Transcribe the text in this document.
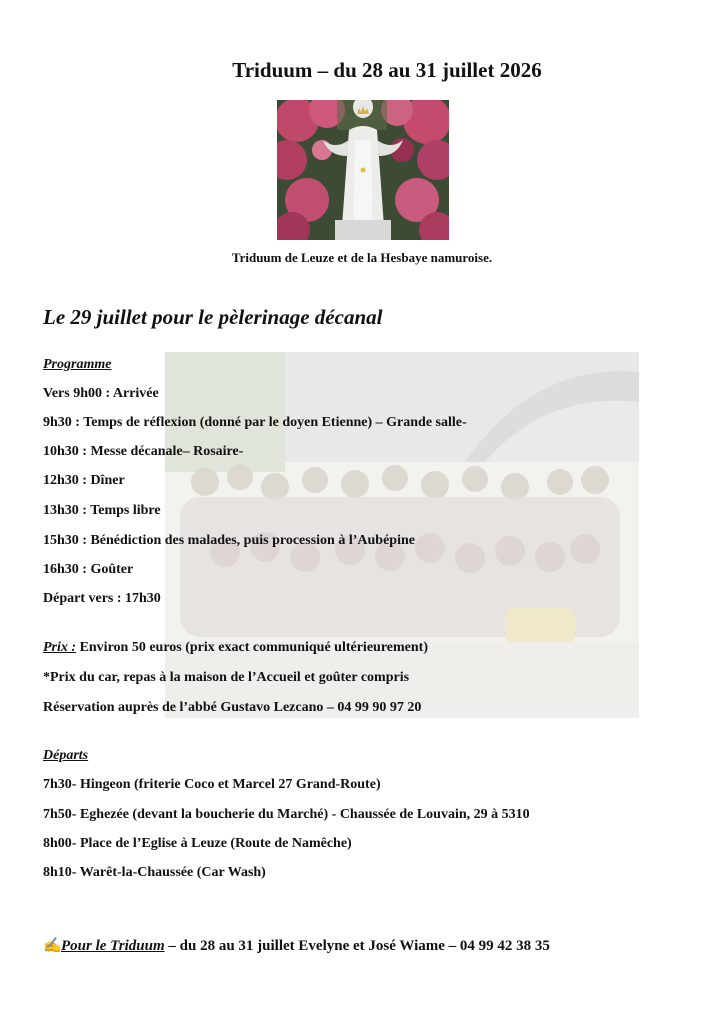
Triduum – du 28 au 31 juillet 2026
Triduum de Leuze et de la Hesbaye namuroise.
Le 29 juillet pour le pèlerinage décanal
Programme
Vers 9h00 : Arrivée
9h30 : Temps de réflexion (donné par le doyen Etienne) – Grande salle-
10h30 : Messe décanale– Rosaire-
12h30 : Dîner
13h30 : Temps libre
15h30 : Bénédiction des malades, puis procession à l’Aubépine
16h30 : Goûter
Départ vers : 17h30
Prix : Environ 50 euros (prix exact communiqué ultérieurement)
*Prix du car, repas à la maison de l’Accueil et goûter compris
Réservation auprès de l’abbé Gustavo Lezcano – 04 99 90 97 20
Départs
7h30- Hingeon (friterie Coco et Marcel 27 Grand-Route)
7h50- Eghezée (devant la boucherie du Marché) - Chaussée de Louvain, 29 à 5310
8h00- Place de l’Eglise à Leuze (Route de Namêche)
8h10- Warêt-la-Chaussée (Car Wash)
✍Pour le Triduum – du 28 au 31 juillet Evelyne et José Wiame – 04 99 42 38 35
